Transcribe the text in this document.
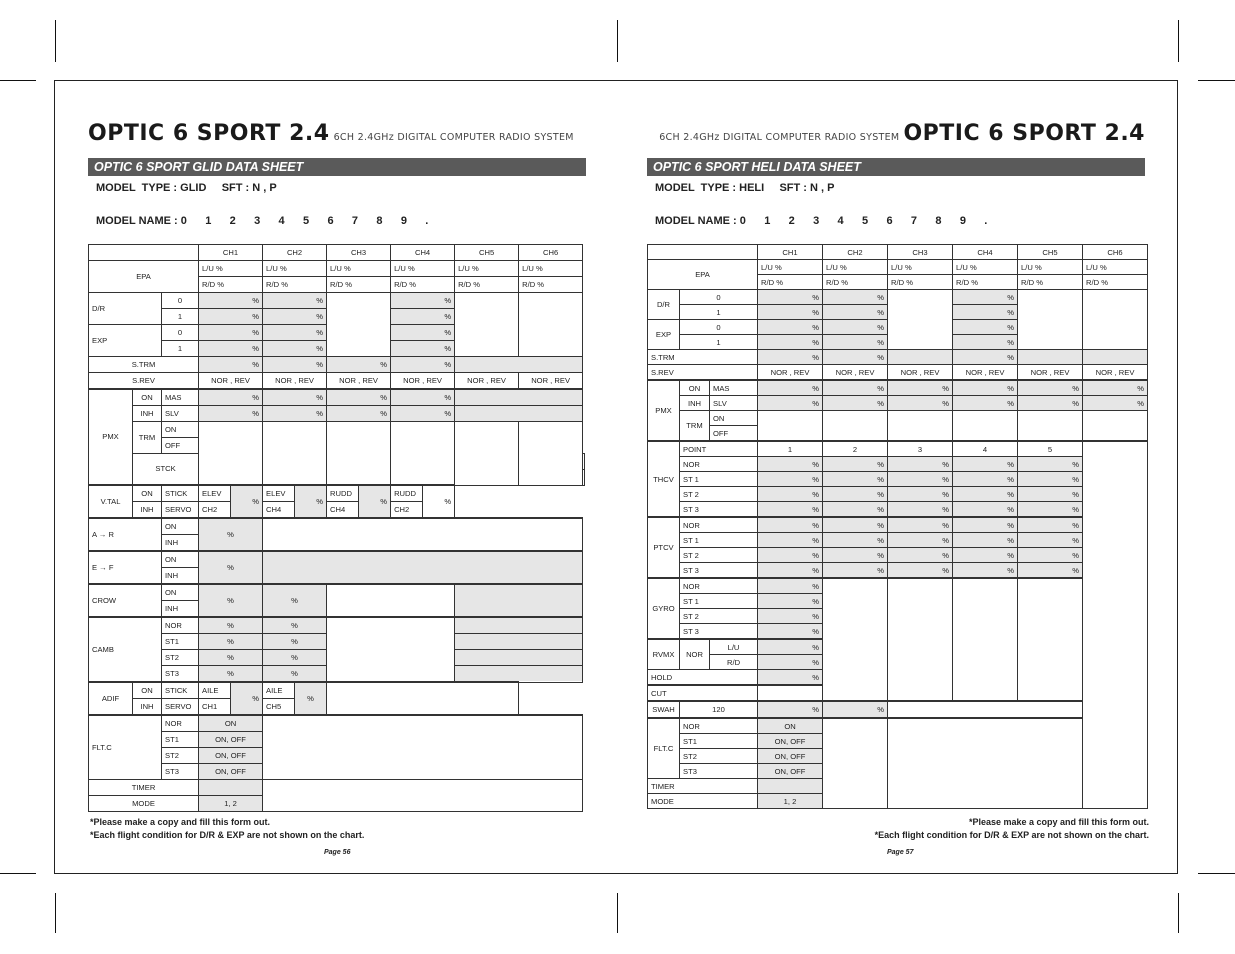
OPTIC 6 SPORT 2.4 6CH 2.4GHz DIGITAL COMPUTER RADIO SYSTEM
OPTIC 6 SPORT GLID DATA SHEET
MODEL  TYPE : GLID     SFT : N , P
MODEL NAME : 0      1      2      3      4      5      6      7      8      9      .
			CH1		CH2		CH3		CH4		CH5	CH6	
EPA			L/U %		L/U %		L/U %		L/U %		L/U %	L/U %	
			R/D %		R/D %		R/D %		R/D %		R/D %	R/D %	
D/R		0	%		%				%				
		1	%		%				%				
EXP		0	%		%				%				
		1	%		%				%				
S.TRM			%		%		%		%				
S.REV			NOR , REV		NOR , REV		NOR , REV		NOR , REV		NOR , REV	NOR , REV	
PMX	ON	MAS	%		%		%		%				
	INH	SLV	%		%		%		%				
	TRM	ON											
		OFF											
	STCK	

V.TAL	ON	STICK	ELEV	%	ELEV	%	RUDD	%	RUDD	%			
	INH	SERVO	CH2		CH4		CH4		CH2				
A → R		ON	%										
		INH											
E → F		ON	%										
		INH											
CROW		ON	%		%								
		INH											
CAMB		NOR	%		%								
		ST1	%		%								
		ST2	%		%								
		ST3	%		%								
ADIF	ON	STICK	AILE	%	AILE	%							
	INH	SERVO	CH1		CH5								
FLT.C		NOR	ON										
		ST1	ON, OFF										
		ST2	ON, OFF										
		ST3	ON, OFF										
TIMER													
MODE			1, 2										
*Please make a copy and fill this form out.
*Each flight condition for D/R & EXP are not shown on the chart.
Page 56
6CH 2.4GHz DIGITAL COMPUTER RADIO SYSTEM OPTIC 6 SPORT 2.4
OPTIC 6 SPORT HELI DATA SHEET
MODEL  TYPE : HELI     SFT : N , P
MODEL NAME : 0      1      2      3      4      5      6      7      8      9      .
			CH1	CH2	CH3	CH4	CH5	CH6	
EPA			L/U %	L/U %	L/U %	L/U %	L/U %	L/U %	
			R/D %	R/D %	R/D %	R/D %	R/D %	R/D %	
D/R	0		%	%		%			
	1		%	%		%			
EXP	0		%	%		%			
	1		%	%		%			
S.TRM			%	%		%			
S.REV			NOR , REV	NOR , REV	NOR , REV	NOR , REV	NOR , REV	NOR , REV	
PMX	ON	MAS	%	%	%	%	%	%	
	INH	SLV	%	%	%	%	%	%	
	TRM	ON							
		OFF							
THCV	POINT		1	2	3	4	5		
	NOR		%	%	%	%	%		
	ST 1		%	%	%	%	%		
	ST 2		%	%	%	%	%		
	ST 3		%	%	%	%	%		
PTCV	NOR		%	%	%	%	%		
	ST 1		%	%	%	%	%		
	ST 2		%	%	%	%	%		
	ST 3		%	%	%	%	%		
GYRO	NOR		%						
	ST 1		%						
	ST 2		%						
	ST 3		%						
RVMX	NOR	L/U	%						
		R/D	%						
HOLD			%						
CUT					
SWAH	120		%	%		

FLT.C	NOR		ON						
	ST1		ON, OFF						
	ST2		ON, OFF						
	ST3		ON, OFF						
TIMER									
MODE			1, 2						
*Please make a copy and fill this form out.
*Each flight condition for D/R & EXP are not shown on the chart.
Page 57
